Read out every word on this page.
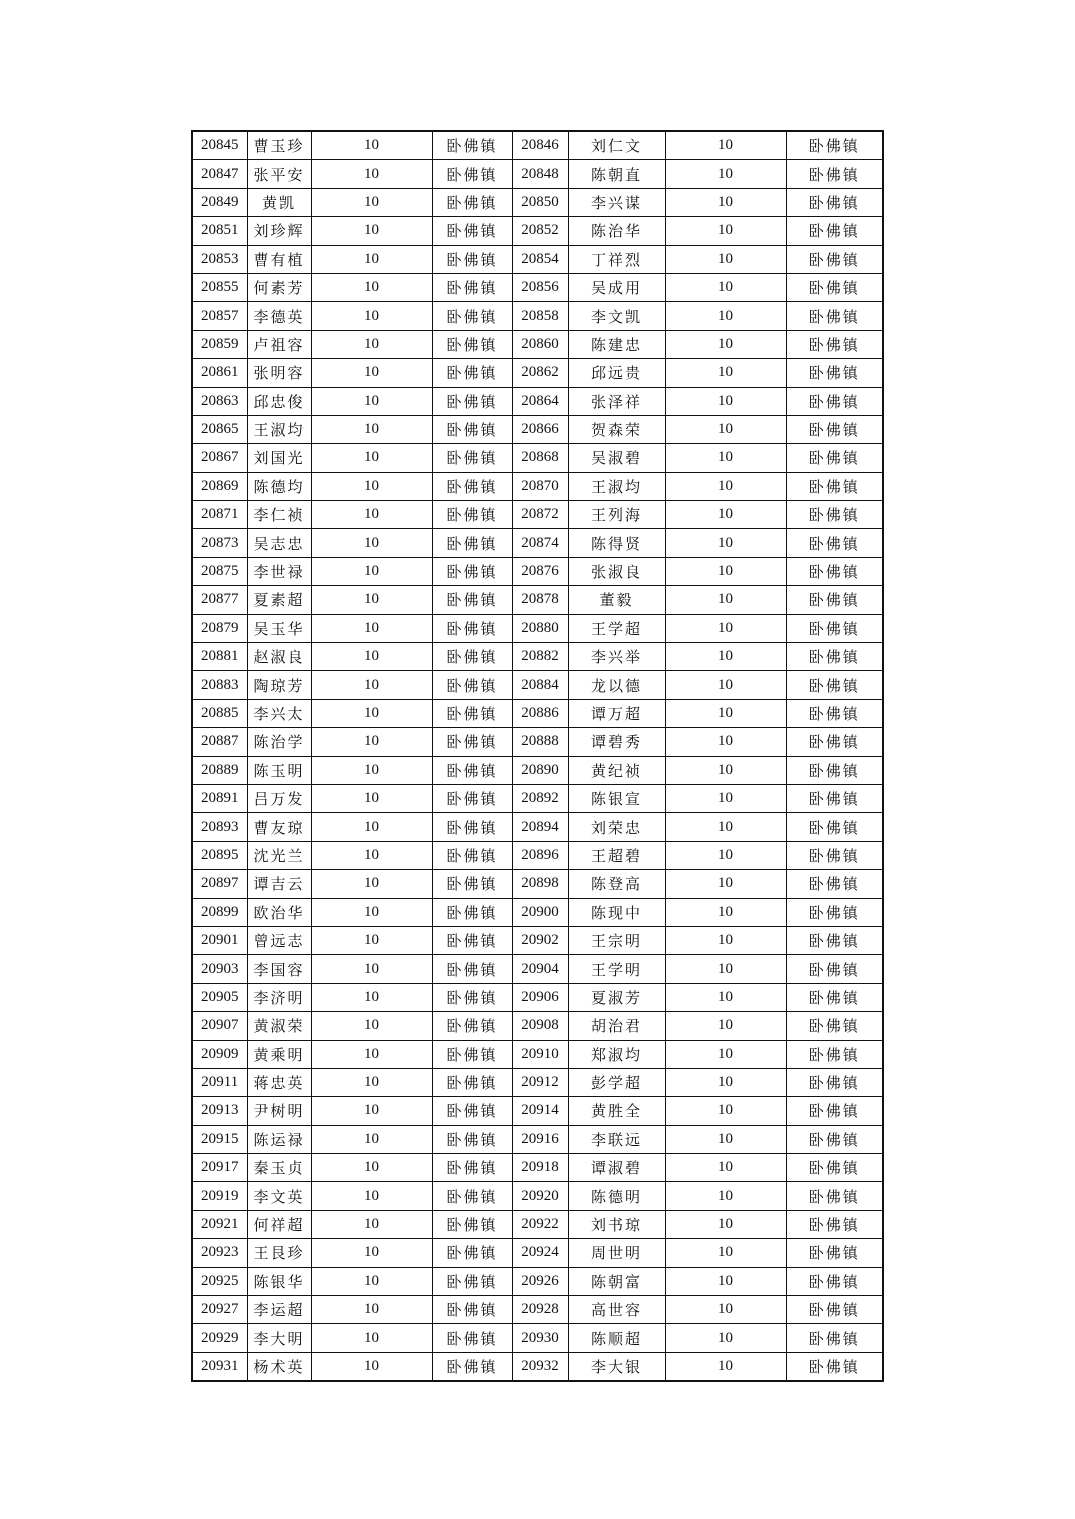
20845	曹玉珍	10	卧佛镇	20846	刘仁文	10	卧佛镇
20847	张平安	10	卧佛镇	20848	陈朝直	10	卧佛镇
20849	黄凯	10	卧佛镇	20850	李兴谋	10	卧佛镇
20851	刘珍辉	10	卧佛镇	20852	陈治华	10	卧佛镇
20853	曹有植	10	卧佛镇	20854	丁祥烈	10	卧佛镇
20855	何素芳	10	卧佛镇	20856	吴成用	10	卧佛镇
20857	李德英	10	卧佛镇	20858	李文凯	10	卧佛镇
20859	卢祖容	10	卧佛镇	20860	陈建忠	10	卧佛镇
20861	张明容	10	卧佛镇	20862	邱远贵	10	卧佛镇
20863	邱忠俊	10	卧佛镇	20864	张泽祥	10	卧佛镇
20865	王淑均	10	卧佛镇	20866	贺森荣	10	卧佛镇
20867	刘国光	10	卧佛镇	20868	吴淑碧	10	卧佛镇
20869	陈德均	10	卧佛镇	20870	王淑均	10	卧佛镇
20871	李仁祯	10	卧佛镇	20872	王列海	10	卧佛镇
20873	吴志忠	10	卧佛镇	20874	陈得贤	10	卧佛镇
20875	李世禄	10	卧佛镇	20876	张淑良	10	卧佛镇
20877	夏素超	10	卧佛镇	20878	董毅	10	卧佛镇
20879	吴玉华	10	卧佛镇	20880	王学超	10	卧佛镇
20881	赵淑良	10	卧佛镇	20882	李兴举	10	卧佛镇
20883	陶琼芳	10	卧佛镇	20884	龙以德	10	卧佛镇
20885	李兴太	10	卧佛镇	20886	谭万超	10	卧佛镇
20887	陈治学	10	卧佛镇	20888	谭碧秀	10	卧佛镇
20889	陈玉明	10	卧佛镇	20890	黄纪祯	10	卧佛镇
20891	吕万发	10	卧佛镇	20892	陈银宣	10	卧佛镇
20893	曹友琼	10	卧佛镇	20894	刘荣忠	10	卧佛镇
20895	沈光兰	10	卧佛镇	20896	王超碧	10	卧佛镇
20897	谭吉云	10	卧佛镇	20898	陈登高	10	卧佛镇
20899	欧治华	10	卧佛镇	20900	陈现中	10	卧佛镇
20901	曾远志	10	卧佛镇	20902	王宗明	10	卧佛镇
20903	李国容	10	卧佛镇	20904	王学明	10	卧佛镇
20905	李济明	10	卧佛镇	20906	夏淑芳	10	卧佛镇
20907	黄淑荣	10	卧佛镇	20908	胡治君	10	卧佛镇
20909	黄乘明	10	卧佛镇	20910	郑淑均	10	卧佛镇
20911	蒋忠英	10	卧佛镇	20912	彭学超	10	卧佛镇
20913	尹树明	10	卧佛镇	20914	黄胜全	10	卧佛镇
20915	陈运禄	10	卧佛镇	20916	李联远	10	卧佛镇
20917	秦玉贞	10	卧佛镇	20918	谭淑碧	10	卧佛镇
20919	李文英	10	卧佛镇	20920	陈德明	10	卧佛镇
20921	何祥超	10	卧佛镇	20922	刘书琼	10	卧佛镇
20923	王艮珍	10	卧佛镇	20924	周世明	10	卧佛镇
20925	陈银华	10	卧佛镇	20926	陈朝富	10	卧佛镇
20927	李运超	10	卧佛镇	20928	高世容	10	卧佛镇
20929	李大明	10	卧佛镇	20930	陈顺超	10	卧佛镇
20931	杨术英	10	卧佛镇	20932	李大银	10	卧佛镇
